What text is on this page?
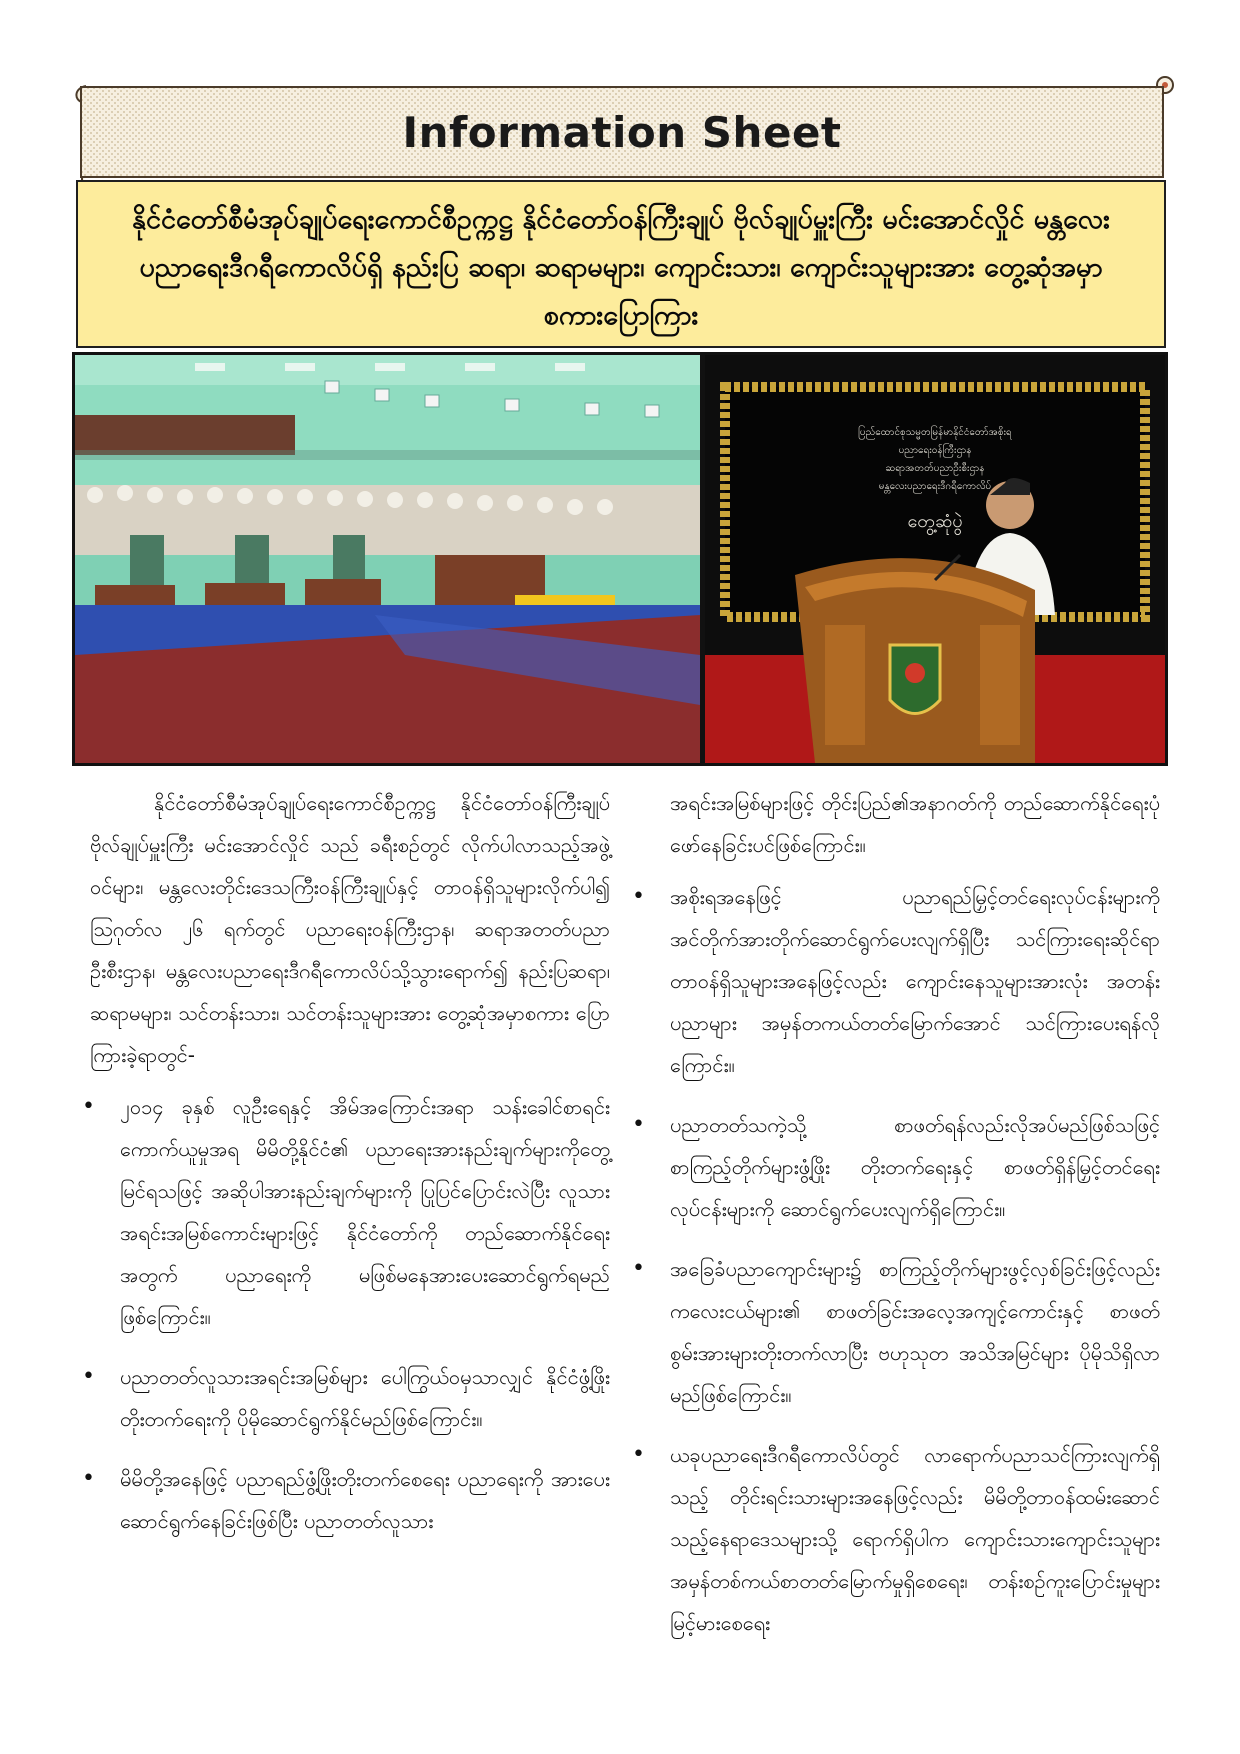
Information Sheet
နိုင်ငံတော်စီမံအုပ်ချုပ်ရေးကောင်စီဥက္ကဋ္ဌ နိုင်ငံတော်ဝန်ကြီးချုပ် ဗိုလ်ချုပ်မှူးကြီး မင်းအောင်လှိုင် မန္တလေးပညာရေးဒီဂရီကောလိပ်ရှိ နည်းပြ ဆရာ၊ ဆရာမများ၊ ကျောင်းသား၊ ကျောင်းသူများအား တွေ့ဆုံအမှာစကားပြောကြား
ပြည်ထောင်စုသမ္မတမြန်မာနိုင်ငံတော်အစိုးရ
ပညာရေးဝန်ကြီးဌာန
ဆရာအတတ်ပညာဦးစီးဌာန
မန္တလေးပညာရေးဒီဂရီကောလိပ်
တွေ့ဆုံပွဲ

နိုင်ငံတော်စီမံအုပ်ချုပ်ရေးကောင်စီဥက္ကဋ္ဌ နိုင်ငံတော်ဝန်ကြီးချုပ် ဗိုလ်ချုပ်မှူးကြီး မင်းအောင်လှိုင် သည် ခရီးစဉ်တွင် လိုက်ပါလာသည့်အဖွဲ့ဝင်များ၊ မန္တလေးတိုင်းဒေသကြီးဝန်ကြီးချုပ်နှင့် တာဝန်ရှိသူများလိုက်ပါ၍ ဩဂုတ်လ ၂၆ ရက်တွင် ပညာရေးဝန်ကြီးဌာန၊ ဆရာအတတ်ပညာဦးစီးဌာန၊ မန္တလေးပညာရေးဒီဂရီကောလိပ်သို့သွားရောက်၍ နည်းပြဆရာ၊ ဆရာမများ၊ သင်တန်းသား၊ သင်တန်းသူများအား တွေ့ဆုံအမှာစကား ပြောကြားခဲ့ရာတွင်-

• ၂၀၁၄ ခုနှစ် လူဦးရေနှင့် အိမ်အကြောင်းအရာ သန်းခေါင်စာရင်းကောက်ယူမှုအရ မိမိတို့နိုင်ငံ၏ ပညာရေးအားနည်းချက်များကိုတွေ့မြင်ရသဖြင့် အဆိုပါအားနည်းချက်များကို ပြုပြင်ပြောင်းလဲပြီး လူသားအရင်းအမြစ်ကောင်းများဖြင့် နိုင်ငံတော်ကို တည်ဆောက်နိုင်ရေးအတွက် ပညာရေးကို မဖြစ်မနေအားပေးဆောင်ရွက်ရမည်ဖြစ်ကြောင်း။
• ပညာတတ်လူသားအရင်းအမြစ်များ ပေါကြွယ်ဝမှသာလျှင် နိုင်ငံဖွံ့ဖြိုးတိုးတက်ရေးကို ပိုမိုဆောင်ရွက်နိုင်မည်ဖြစ်ကြောင်း။
• မိမိတို့အနေဖြင့် ပညာရည်ဖွံ့ဖြိုးတိုးတက်စေရေး ပညာရေးကို အားပေးဆောင်ရွက်နေခြင်းဖြစ်ပြီး ပညာတတ်လူသား

အရင်းအမြစ်များဖြင့် တိုင်းပြည်၏အနာဂတ်ကို တည်ဆောက်နိုင်ရေးပုံဖော်နေခြင်းပင်ဖြစ်ကြောင်း။

• အစိုးရအနေဖြင့် ပညာရည်မြှင့်တင်ရေးလုပ်ငန်းများကို အင်တိုက်အားတိုက်ဆောင်ရွက်ပေးလျက်ရှိပြီး သင်ကြားရေးဆိုင်ရာ တာဝန်ရှိသူများအနေဖြင့်လည်း ကျောင်းနေသူများအားလုံး အတန်းပညာများ အမှန်တကယ်တတ်မြောက်အောင် သင်ကြားပေးရန်လိုကြောင်း။
• ပညာတတ်သကဲ့သို့ စာဖတ်ရန်လည်းလိုအပ်မည်ဖြစ်သဖြင့် စာကြည့်တိုက်များဖွံ့ဖြိုး တိုးတက်ရေးနှင့် စာဖတ်ရှိန်မြှင့်တင်ရေးလုပ်ငန်းများကို ဆောင်ရွက်ပေးလျက်ရှိကြောင်း။
• အခြေခံပညာကျောင်းများ၌ စာကြည့်တိုက်များဖွင့်လှစ်ခြင်းဖြင့်လည်း ကလေးငယ်များ၏ စာဖတ်ခြင်းအလေ့အကျင့်ကောင်းနှင့် စာဖတ်စွမ်းအားများတိုးတက်လာပြီး ဗဟုသုတ အသိအမြင်များ ပိုမိုသိရှိလာမည်ဖြစ်ကြောင်း။
• ယခုပညာရေးဒီဂရီကောလိပ်တွင် လာရောက်ပညာသင်ကြားလျက်ရှိသည့် တိုင်းရင်းသားများအနေဖြင့်လည်း မိမိတို့တာဝန်ထမ်းဆောင်သည့်နေရာဒေသများသို့ ရောက်ရှိပါက ကျောင်းသားကျောင်းသူများ အမှန်တစ်ကယ်စာတတ်မြောက်မှုရှိစေရေး၊ တန်းစဉ်ကူးပြောင်းမှုများမြင့်မားစေရေး
